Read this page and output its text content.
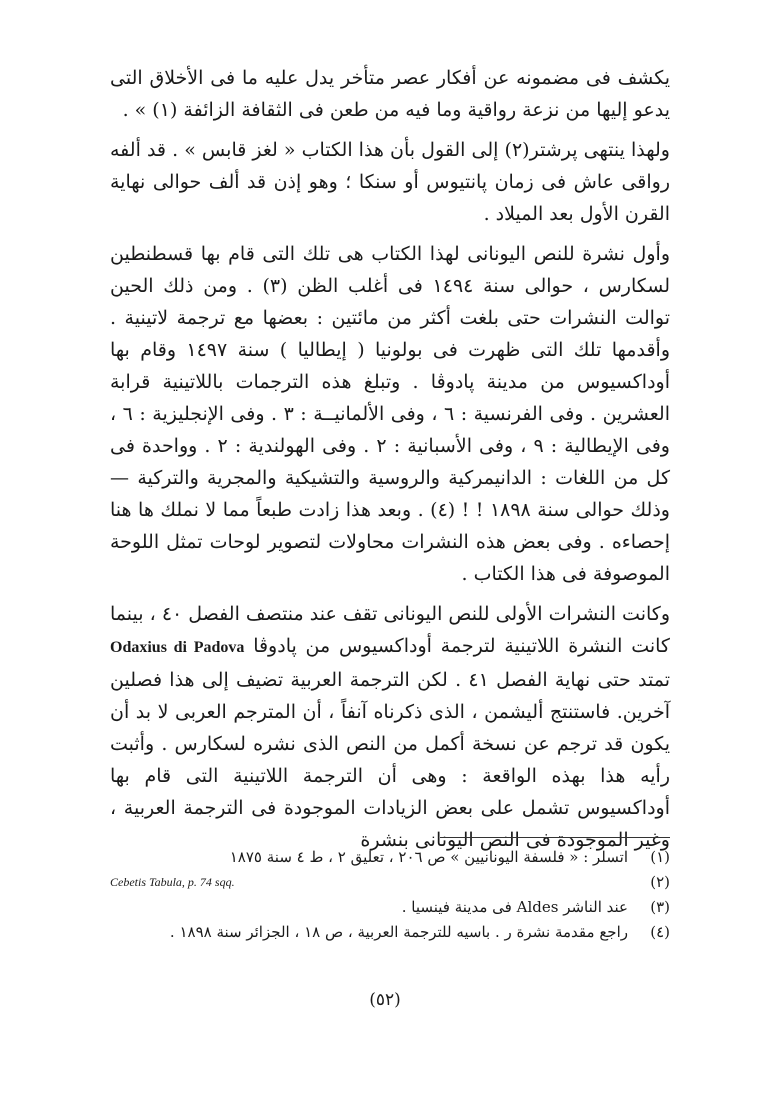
يكشف فى مضمونه عن أفكار عصر متأخر يدل عليه ما فى الأخلاق التى يدعو إليها من نزعة رواقية وما فيه من طعن فى الثقافة الزائفة (١) » .

ولهذا ينتهى پرشتر(٢) إلى القول بأن هذا الكتاب « لغز قابس » . قد ألفه رواقى عاش فى زمان پانتيوس أو سنكا ؛ وهو إذن قد ألف حوالى نهاية القرن الأول بعد الميلاد .

وأول نشرة للنص اليونانى لهذا الكتاب هى تلك التى قام بها قسطنطين لسكارس ، حوالى سنة ١٤٩٤ فى أغلب الظن (٣) . ومن ذلك الحين توالت النشرات حتى بلغت أكثر من مائتين : بعضها مع ترجمة لاتينية . وأقدمها تلك التى ظهرت فى بولونيا ( إيطاليا ) سنة ١٤٩٧ وقام بها أوداكسيوس من مدينة پادوڤا . وتبلغ هذه الترجمات باللاتينية قرابة العشرين . وفى الفرنسية : ٦ ، وفى الألمانيــة : ٣ . وفى الإنجليزية : ٦ ، وفى الإيطالية : ٩ ، وفى الأسبانية : ٢ . وفى الهولندية : ٢ . وواحدة فى كل من اللغات : الدانيمركية والروسية والتشيكية والمجرية والتركية — وذلك حوالى سنة ١٨٩٨ ! ! (٤) . وبعد هذا زادت طبعاً مما لا نملك ها هنا إحصاءه . وفى بعض هذه النشرات محاولات لتصوير لوحات تمثل اللوحة الموصوفة فى هذا الكتاب .

وكانت النشرات الأولى للنص اليونانى تقف عند منتصف الفصل ٤٠ ، بينما كانت النشرة اللاتينية لترجمة أوداكسيوس من پادوڤا Odaxius di Padova تمتد حتى نهاية الفصل ٤١ . لكن الترجمة العربية تضيف إلى هذا فصلين آخرين. فاستنتج أليشمن ، الذى ذكرناه آنفاً ، أن المترجم العربى لا بد أن يكون قد ترجم عن نسخة أكمل من النص الذى نشره لسكارس . وأثبت رأيه هذا بهذه الواقعة : وهى أن الترجمة اللاتينية التى قام بها أوداكسيوس تشمل على بعض الزيادات الموجودة فى الترجمة العربية ، وغير الموجودة فى النص اليونانى بنشرة

(١)
اتسلر : « فلسفة اليونانيين » ص ٢٠٦ ، تعليق ٢ ، ط ٤ سنة ١٨٧٥
(٢)
Cebetis Tabula, p. 74 sqq.
(٣)
عند الناشر Aldes فى مدينة فينسيا .
(٤)
راجع مقدمة نشرة ر . باسيه للترجمة العربية ، ص ١٨ ، الجزائر سنة ١٨٩٨ .
(٥٢)
